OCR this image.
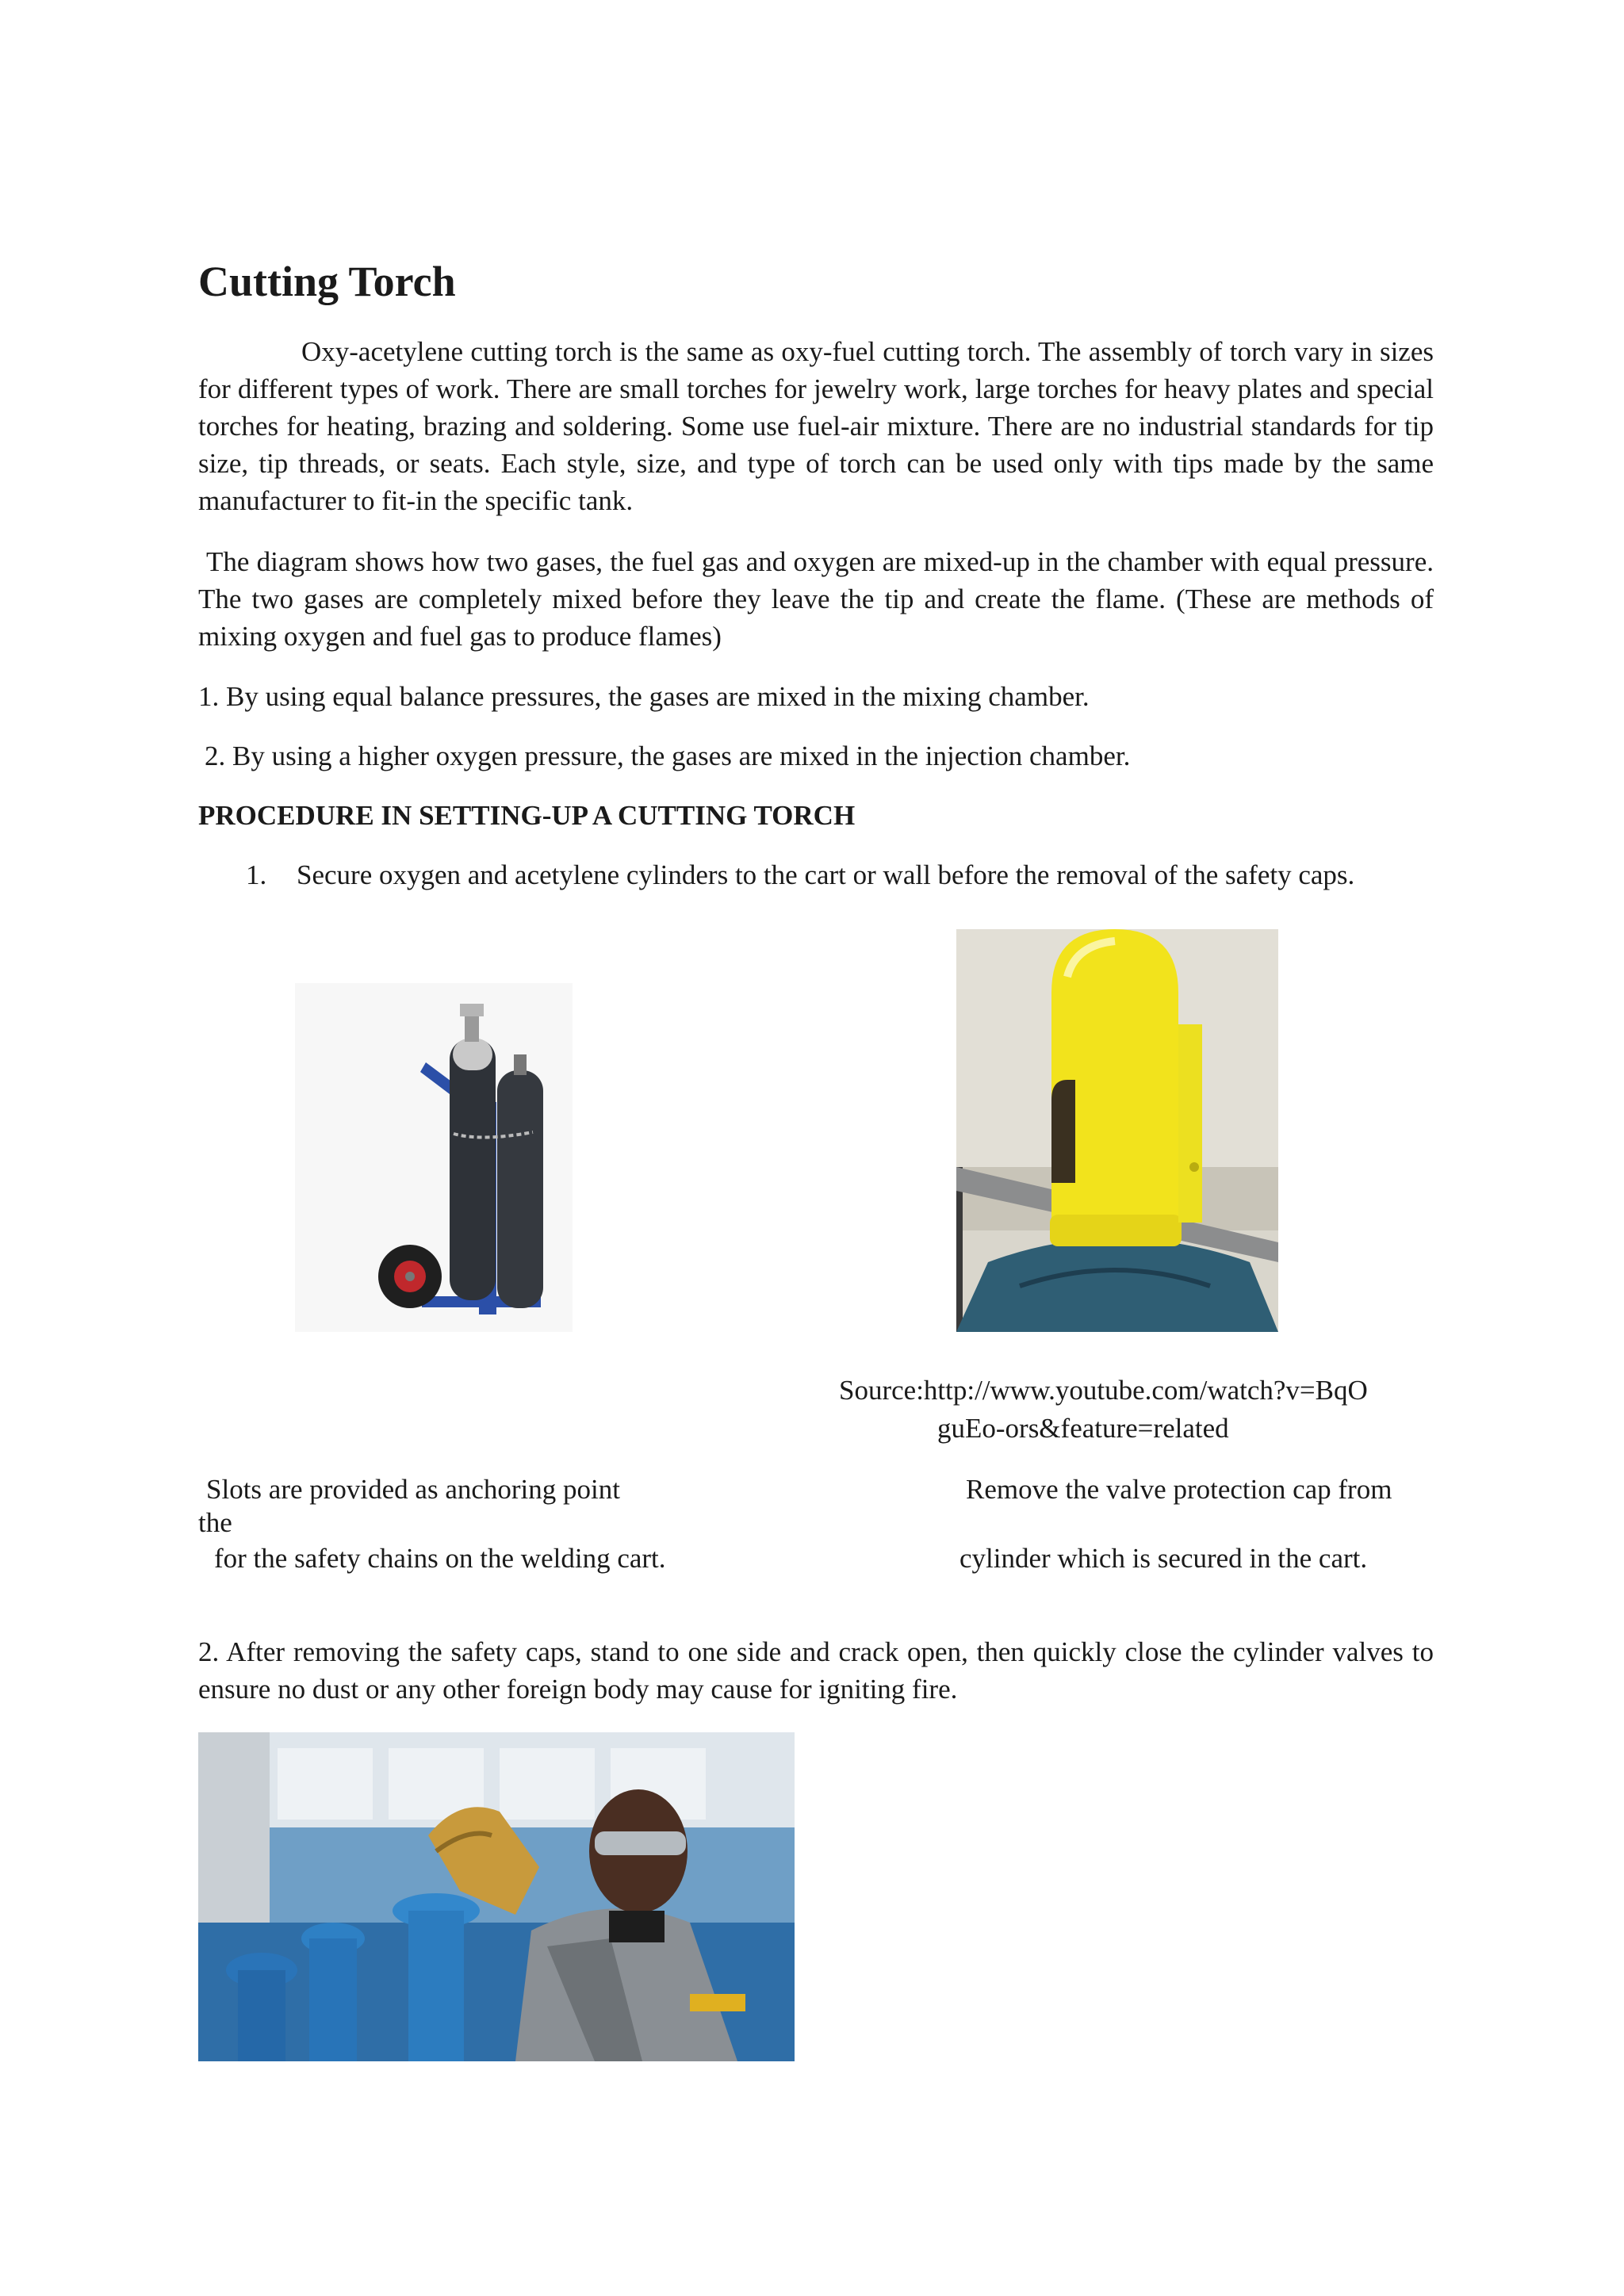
Cutting Torch
Oxy-acetylene cutting torch is the same as oxy-fuel cutting torch. The assembly of torch vary in sizes for different types of work. There are small torches for jewelry work, large torches for heavy plates and special torches for heating, brazing and soldering. Some use fuel-air mixture. There are no industrial standards for tip size, tip threads, or seats. Each style, size, and type of torch can be used only with tips made by the same manufacturer to fit-in the specific tank.
The diagram shows how two gases, the fuel gas and oxygen are mixed-up in the chamber with equal pressure. The two gases are completely mixed before they leave the tip and create the flame. (These are methods of mixing oxygen and fuel gas to produce flames)
1. By using equal balance pressures, the gases are mixed in the mixing chamber.
2. By using a higher oxygen pressure, the gases are mixed in the injection chamber.
PROCEDURE IN SETTING-UP A CUTTING TORCH
1. Secure oxygen and acetylene cylinders to the cart or wall before the removal of the safety caps.
Source:http://www.youtube.com/watch?v=BqO
guEo-ors&feature=related
Slots are provided as anchoring point
the
for the safety chains on the welding cart.
Remove the valve protection cap from
cylinder which is secured in the cart.
2. After removing the safety caps, stand to one side and crack open, then quickly close the cylinder valves to ensure no dust or any other foreign body may cause for igniting fire.
